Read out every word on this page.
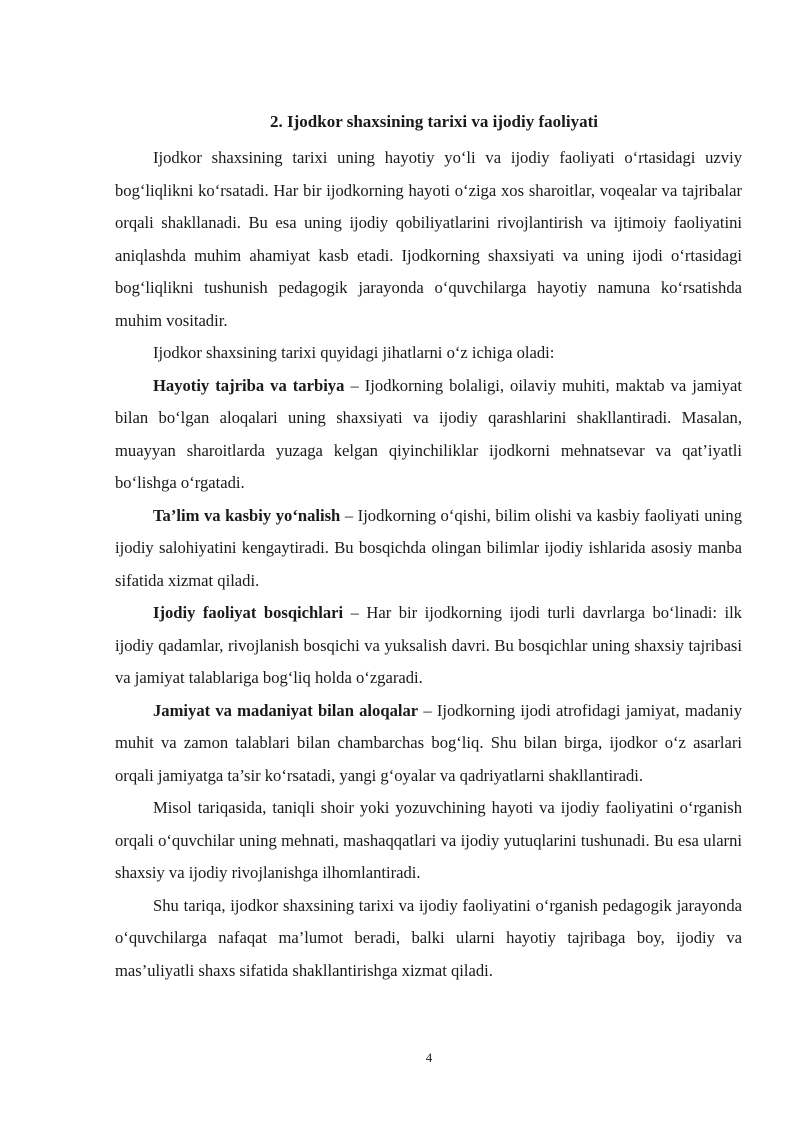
2. Ijodkor shaxsining tarixi va ijodiy faoliyati

Ijodkor shaxsining tarixi uning hayotiy yo‘li va ijodiy faoliyati o‘rtasidagi uzviy bog‘liqlikni ko‘rsatadi. Har bir ijodkorning hayoti o‘ziga xos sharoitlar, voqealar va tajribalar orqali shakllanadi. Bu esa uning ijodiy qobiliyatlarini rivojlantirish va ijtimoiy faoliyatini aniqlashda muhim ahamiyat kasb etadi. Ijodkorning shaxsiyati va uning ijodi o‘rtasidagi bog‘liqlikni tushunish pedagogik jarayonda o‘quvchilarga hayotiy namuna ko‘rsatishda muhim vositadir.

Ijodkor shaxsining tarixi quyidagi jihatlarni o‘z ichiga oladi:

Hayotiy tajriba va tarbiya – Ijodkorning bolaligi, oilaviy muhiti, maktab va jamiyat bilan bo‘lgan aloqalari uning shaxsiyati va ijodiy qarashlarini shakllantiradi. Masalan, muayyan sharoitlarda yuzaga kelgan qiyinchiliklar ijodkorni mehnatsevar va qat’iyatli bo‘lishga o‘rgatadi.

Ta’lim va kasbiy yo‘nalish – Ijodkorning o‘qishi, bilim olishi va kasbiy faoliyati uning ijodiy salohiyatini kengaytiradi. Bu bosqichda olingan bilimlar ijodiy ishlarida asosiy manba sifatida xizmat qiladi.

Ijodiy faoliyat bosqichlari – Har bir ijodkorning ijodi turli davrlarga bo‘linadi: ilk ijodiy qadamlar, rivojlanish bosqichi va yuksalish davri. Bu bosqichlar uning shaxsiy tajribasi va jamiyat talablariga bog‘liq holda o‘zgaradi.

Jamiyat va madaniyat bilan aloqalar – Ijodkorning ijodi atrofidagi jamiyat, madaniy muhit va zamon talablari bilan chambarchas bog‘liq. Shu bilan birga, ijodkor o‘z asarlari orqali jamiyatga ta’sir ko‘rsatadi, yangi g‘oyalar va qadriyatlarni shakllantiradi.

Misol tariqasida, taniqli shoir yoki yozuvchining hayoti va ijodiy faoliyatini o‘rganish orqali o‘quvchilar uning mehnati, mashaqqatlari va ijodiy yutuqlarini tushunadi. Bu esa ularni shaxsiy va ijodiy rivojlanishga ilhomlantiradi.

Shu tariqa, ijodkor shaxsining tarixi va ijodiy faoliyatini o‘rganish pedagogik jarayonda o‘quvchilarga nafaqat ma’lumot beradi, balki ularni hayotiy tajribaga boy, ijodiy va mas’uliyatli shaxs sifatida shakllantirishga xizmat qiladi.

4
